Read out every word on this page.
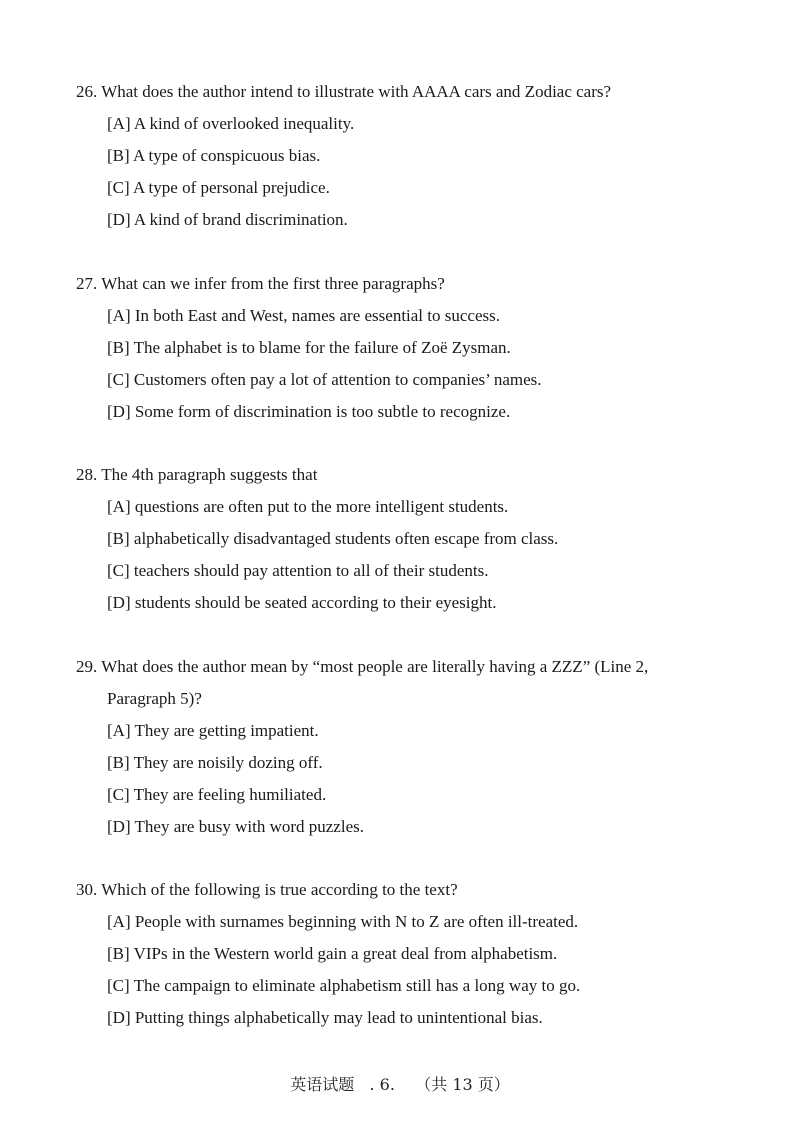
26. What does the author intend to illustrate with AAAA cars and Zodiac cars?
[A] A kind of overlooked inequality.
[B] A type of conspicuous bias.
[C] A type of personal prejudice.
[D] A kind of brand discrimination.
27. What can we infer from the first three paragraphs?
[A] In both East and West, names are essential to success.
[B] The alphabet is to blame for the failure of Zoë Zysman.
[C] Customers often pay a lot of attention to companies’ names.
[D] Some form of discrimination is too subtle to recognize.
28. The 4th paragraph suggests that
[A] questions are often put to the more intelligent students.
[B] alphabetically disadvantaged students often escape from class.
[C] teachers should pay attention to all of their students.
[D] students should be seated according to their eyesight.
29. What does the author mean by “most people are literally having a ZZZ” (Line 2,
Paragraph 5)?
[A] They are getting impatient.
[B] They are noisily dozing off.
[C] They are feeling humiliated.
[D] They are busy with word puzzles.
30. Which of the following is true according to the text?
[A] People with surnames beginning with N to Z are often ill-treated.
[B] VIPs in the Western world gain a great deal from alphabetism.
[C] The campaign to eliminate alphabetism still has a long way to go.
[D] Putting things alphabetically may lead to unintentional bias.
英语试题 . 6. （共 13 页）
